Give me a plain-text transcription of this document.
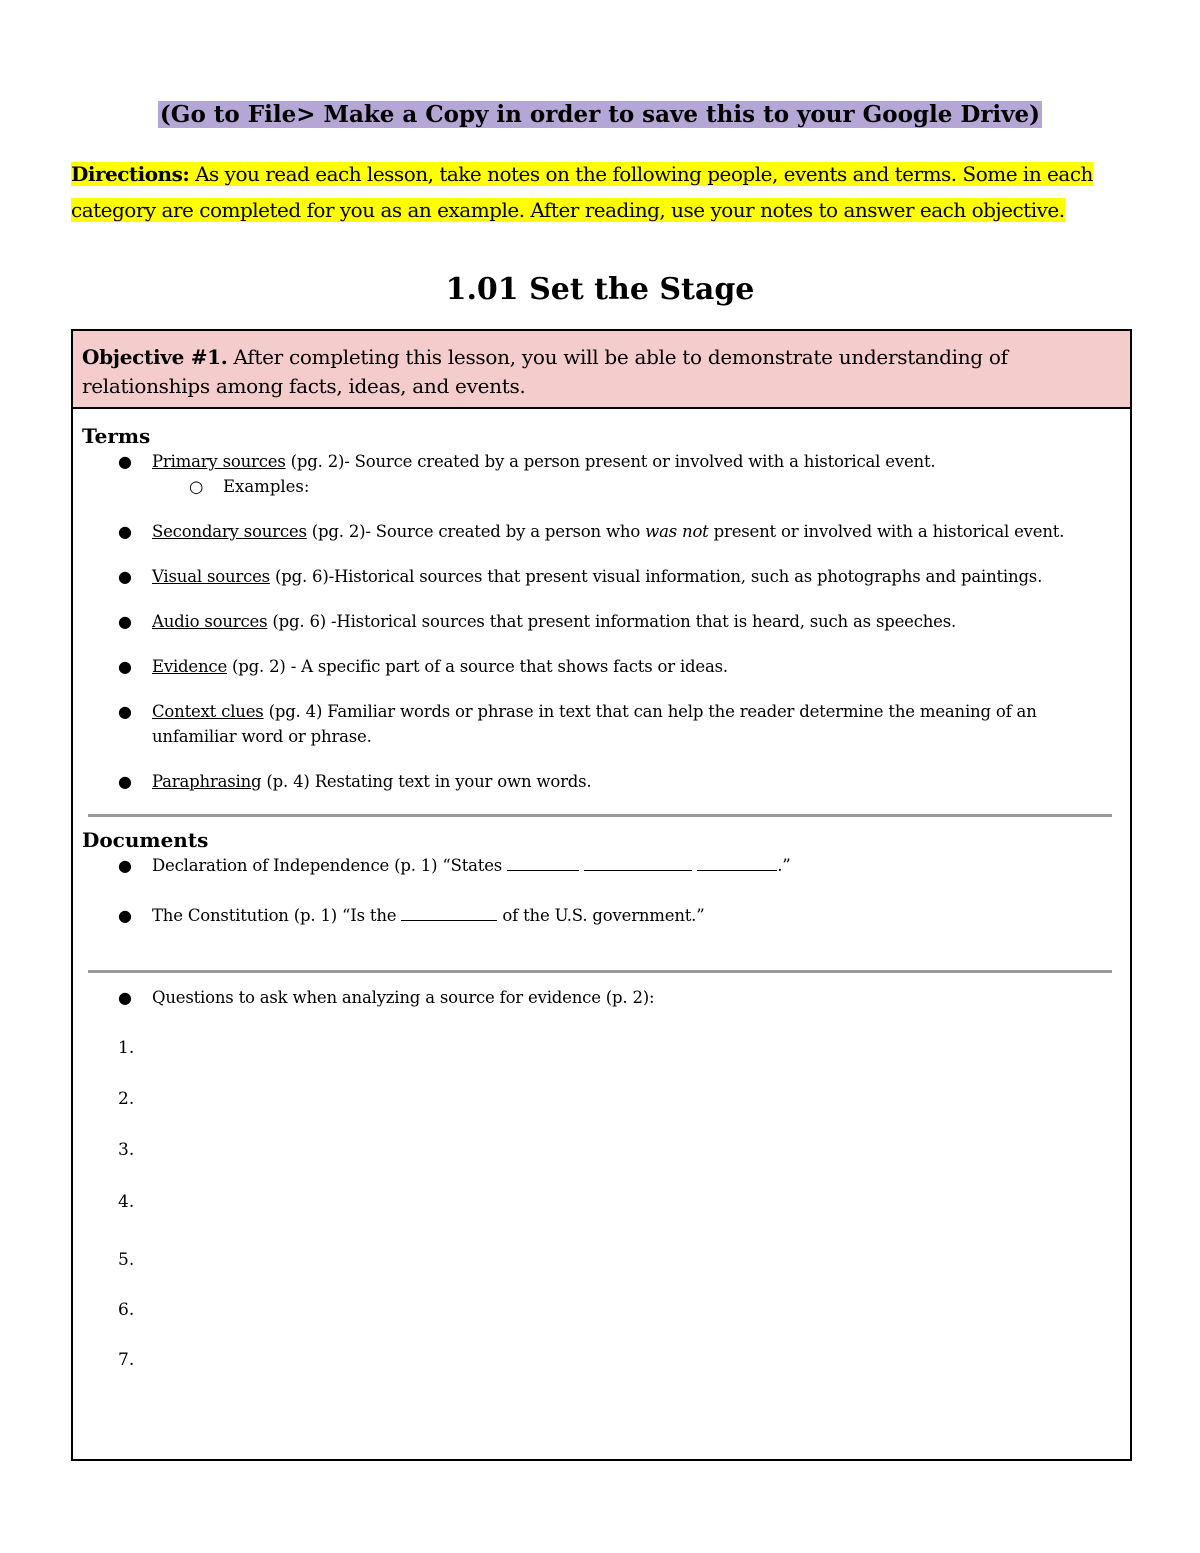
(Go to File> Make a Copy in order to save this to your Google Drive)
Directions: As you read each lesson, take notes on the following people, events and terms. Some in each category are completed for you as an example. After reading, use your notes to answer each objective.
1.01 Set the Stage
Objective #1. After completing this lesson, you will be able to demonstrate understanding of relationships among facts, ideas, and events.
Terms
● Primary sources (pg. 2)- Source created by a person present or involved with a historical event.
○ Examples:
● Secondary sources (pg. 2)- Source created by a person who was not present or involved with a historical event.
● Visual sources (pg. 6)-Historical sources that present visual information, such as photographs and paintings.
● Audio sources (pg. 6) -Historical sources that present information that is heard, such as speeches.
● Evidence (pg. 2) - A specific part of a source that shows facts or ideas.
● Context clues (pg. 4) Familiar words or phrase in text that can help the reader determine the meaning of an unfamiliar word or phrase.
● Paraphrasing (p. 4) Restating text in your own words.
Documents
● Declaration of Independence (p. 1) “States	.”
● The Constitution (p. 1) “Is the	of the U.S. government.”
● Questions to ask when analyzing a source for evidence (p. 2):
1.
2.
3.
4.
5.
6.
7.
